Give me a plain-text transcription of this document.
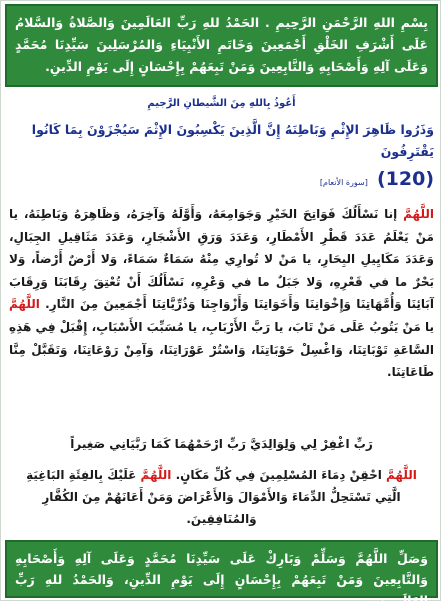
بِسْمِ اللهِ الرَّحْمَنِ الرَّحِيمِ . الحَمْدُ للهِ رَبِّ العَالَمِينَ وَالصَّلاةُ وَالسَّلامُ عَلَى أَشْرَفِ الخَلْقِ أَجْمَعِينَ وَخَاتَمِ الأَنْبِيَاءِ وَالمُرْسَلِينَ سَيِّدِنَا مُحَمَّدٍ وَعَلَى آلِهِ وَأَصْحَابِهِ وَالتَّابِعِينَ وَمَنْ تَبِعَهُمْ بِإِحْسَانٍ إِلَى يَوْمِ الدِّينِ.
أَعُوذُ بِاللهِ مِنَ الشَّيطانِ الرَّجيمِ
وَذَرُوا ظَاهِرَ الإِثْمِ وَبَاطِنَهُ إِنَّ الَّذِينَ يَكْسِبُونَ الإِثْمَ سَيُجْزَوْنَ بِمَا كَانُوا يَقْتَرِفُونَ
(120) [سورة الأنعام]
اللَّهُمَّ إنا نَسْأَلُكَ فَوَاتِحَ الخَيْرِ وَجَوَامِعَهُ، وَأَوَّلَهُ وَآخِرَهُ، وَظَاهِرَهُ وَبَاطِنَهُ، يا مَنْ يَعْلَمُ عَدَدَ قَطْرِ الأَمْطَارِ، وَعَدَدَ وَرَقِ الأَشْجَارِ، وَعَدَدَ مَثَاقِيلِ الجِبَالِ، وَعَدَدَ مَكَايِيلِ البِحَارِ، يا مَنْ لا تُوارِي مِنْهُ سَمَاءٌ سَمَاءً، وَلا أَرْضٌ أَرْضاً، وَلا بَحْرٌ ما في قَعْرِهِ، وَلا جَبَلٌ ما في وَعْرِهِ، نَسْأَلُكَ أَنْ تُعْتِقَ رِقَابَنَا وَرِقَابَ آبَائِنَا وَأُمَّهَاتِنَا وَإِخْوَانِنَا وَأَخَوَاتِنَا وَأَزْوَاجِنَا وَذُرِّيَّاتِنَا أَجْمَعِينَ مِنَ النَّارِ. اللَّهُمَّ يا مَنْ يَتُوبُ عَلَى مَنْ تَابَ، يا رَبَّ الأَرْبَابِ، يا مُسَبِّبَ الأَسْبَابِ، إِقْبَلْ فِي هَذِهِ السَّاعَةِ تَوْبَاتِنَا، وَاغْسِلْ حَوْبَاتِنَا، وَاسْتُرْ عَوْرَاتِنَا، وَآمِنْ رَوْعَاتِنَا، وَتَقَبَّلْ مِنَّا طَاعَاتِنَا.
رَبِّ اغْفِرْ لِي وَلِوَالِدَيَّ رَبِّ ارْحَمْهُمَا كَمَا رَبَّيَانِي صَغِيراً
اللَّهُمَّ احْقِنْ دِمَاءَ المُسْلِمِينَ فِي كُلِّ مَكَانٍ. اللَّهُمَّ عَلَيْكَ بِالفِئَةِ البَاغِيَةِ الَّتِي تَسْتَحِلُّ الدِّمَاءَ وَالأَمْوَالَ وَالأَعْرَاضَ وَمَنْ أَعَانَهُمْ مِنَ الكُفَّارِ وَالمُنَافِقِينَ.
وَصَلِّ اللَّهُمَّ وَسَلِّمْ وَبَارِكْ عَلَى سَيِّدِنَا مُحَمَّدٍ وَعَلَى آلِهِ وَأَصْحَابِهِ وَالتَّابِعِينَ وَمَنْ تَبِعَهُمْ بِإِحْسَانٍ إِلَى يَوْمِ الدِّينِ، وَالحَمْدُ للهِ رَبِّ العَالَمِينَ.
